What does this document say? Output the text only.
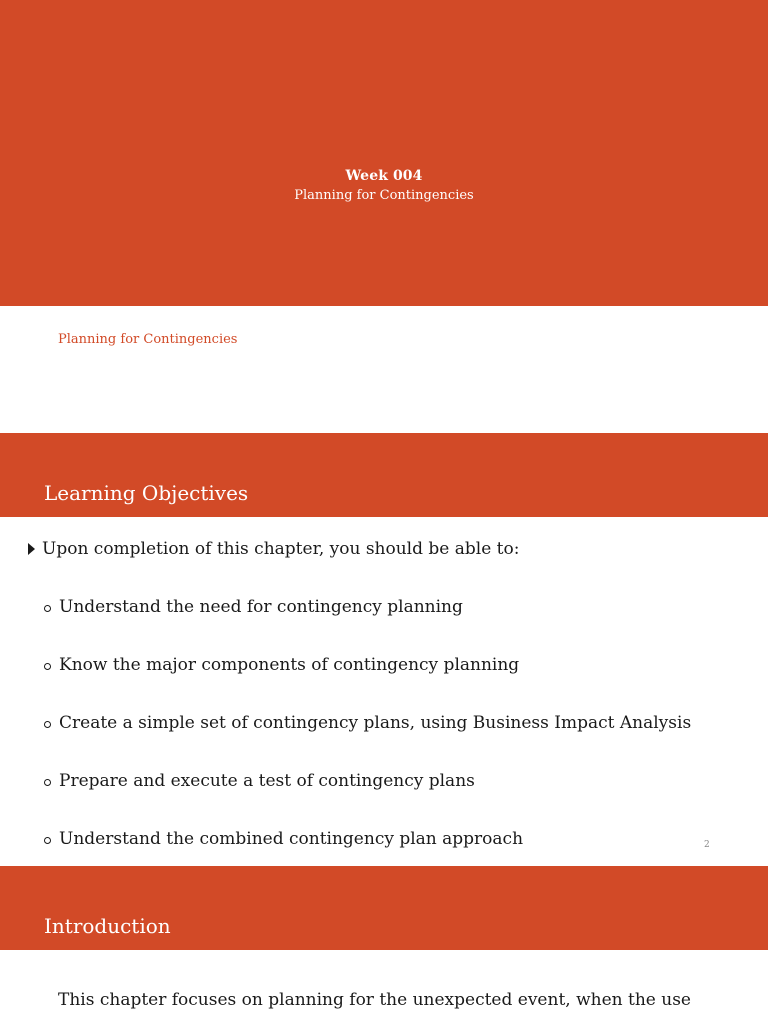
Week 004
Planning for Contingencies
Planning for Contingencies
Learning Objectives
Upon completion of this chapter, you should be able to:
Understand the need for contingency planning
Know the major components of contingency planning
Create a simple set of contingency plans, using Business Impact Analysis
Prepare and execute a test of contingency plans
Understand the combined contingency plan approach	2
Introduction
This chapter focuses on planning for the unexpected event, when the use
